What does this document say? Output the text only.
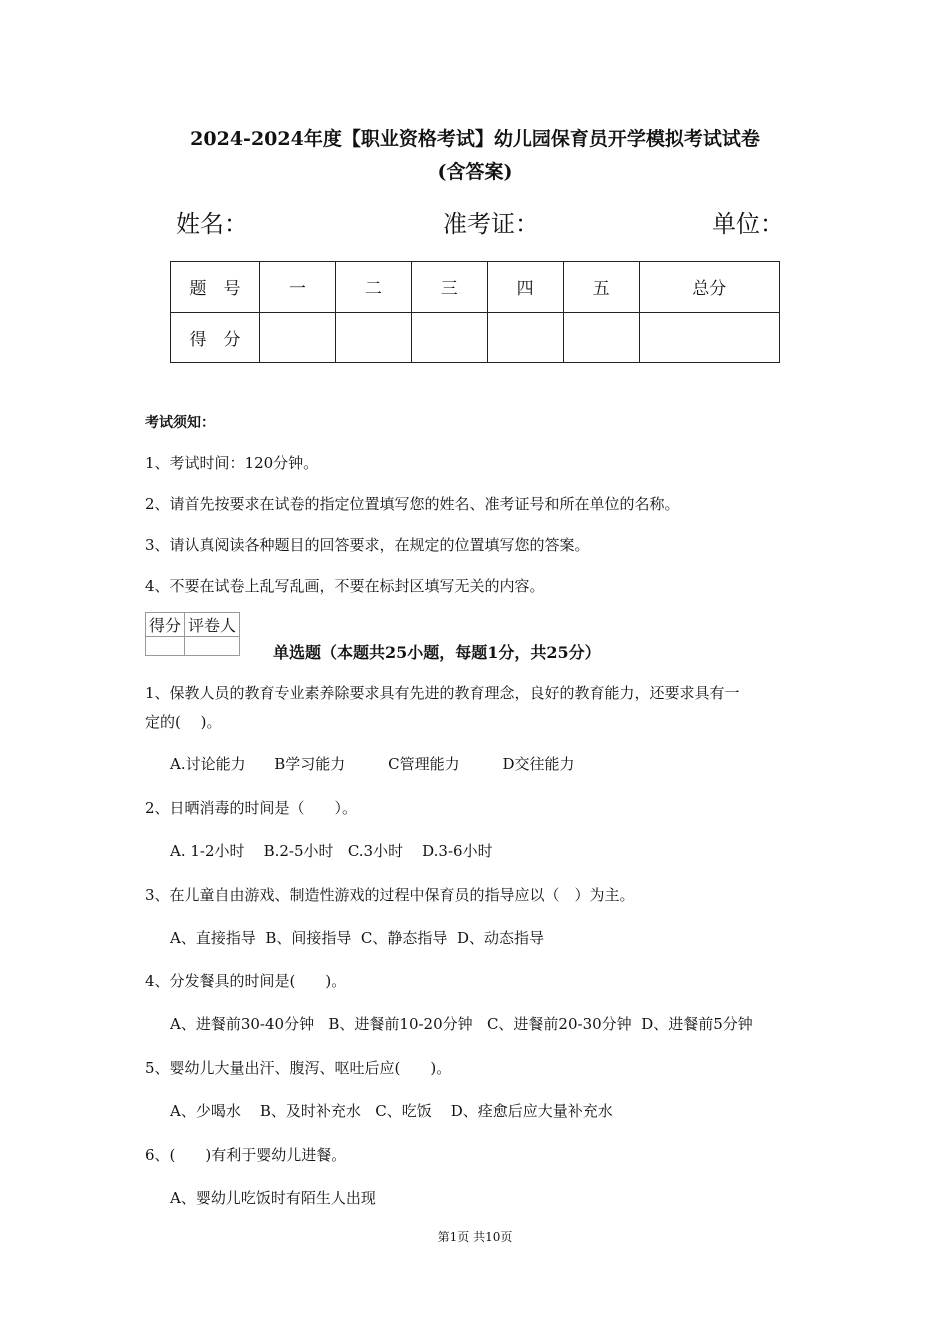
2024-2024年度【职业资格考试】幼儿园保育员开学模拟考试试卷
(含答案)
姓名：	准考证：	单位：
题　号	一	二	三	四	五	总分
得　分						
考试须知：
1、考试时间：120分钟。
2、请首先按要求在试卷的指定位置填写您的姓名、准考证号和所在单位的名称。
3、请认真阅读各种题目的回答要求，在规定的位置填写您的答案。
4、不要在试卷上乱写乱画，不要在标封区填写无关的内容。
得分	评卷人

单选题（本题共25小题，每题1分，共25分）
1、保教人员的教育专业素养除要求具有先进的教育理念，良好的教育能力，还要求具有一
定的(　 )。
A.讨论能力      B学习能力         C管理能力         D交往能力
2、日晒消毒的时间是（　　）。
A. 1-2小时    B.2-5小时   C.3小时    D.3-6小时
3、在儿童自由游戏、制造性游戏的过程中保育员的指导应以（　）为主。
A、直接指导  B、间接指导  C、静态指导  D、动态指导
4、分发餐具的时间是(　　)。
A、进餐前30-40分钟   B、进餐前10-20分钟   C、进餐前20-30分钟  D、进餐前5分钟
5、婴幼儿大量出汗、腹泻、呕吐后应(　　)。
A、少喝水    B、及时补充水   C、吃饭    D、痊愈后应大量补充水
6、(　　)有利于婴幼儿进餐。
A、婴幼儿吃饭时有陌生人出现
第1页 共10页
